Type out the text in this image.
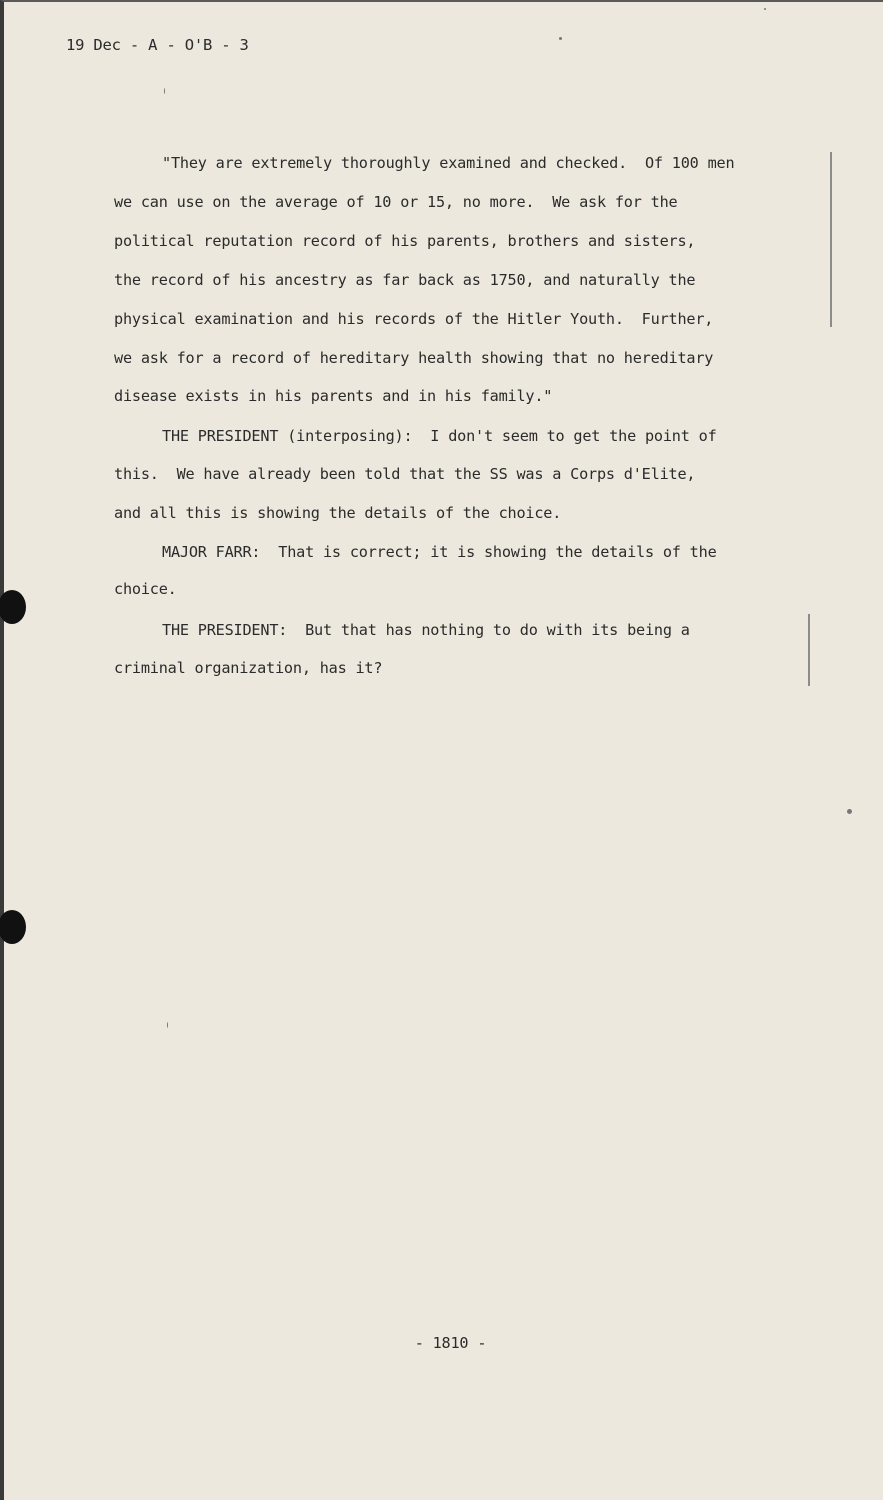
19 Dec - A - O'B - 3
"They are extremely thoroughly examined and checked.  Of 100 men
we can use on the average of 10 or 15, no more.  We ask for the
political reputation record of his parents, brothers and sisters,
the record of his ancestry as far back as 1750, and naturally the
physical examination and his records of the Hitler Youth.  Further,
we ask for a record of hereditary health showing that no hereditary
disease exists in his parents and in his family."
THE PRESIDENT (interposing):  I don't seem to get the point of
this.  We have already been told that the SS was a Corps d'Elite,
and all this is showing the details of the choice.
MAJOR FARR:  That is correct; it is showing the details of the
choice.
THE PRESIDENT:  But that has nothing to do with its being a
criminal organization, has it?
- 1810 -
